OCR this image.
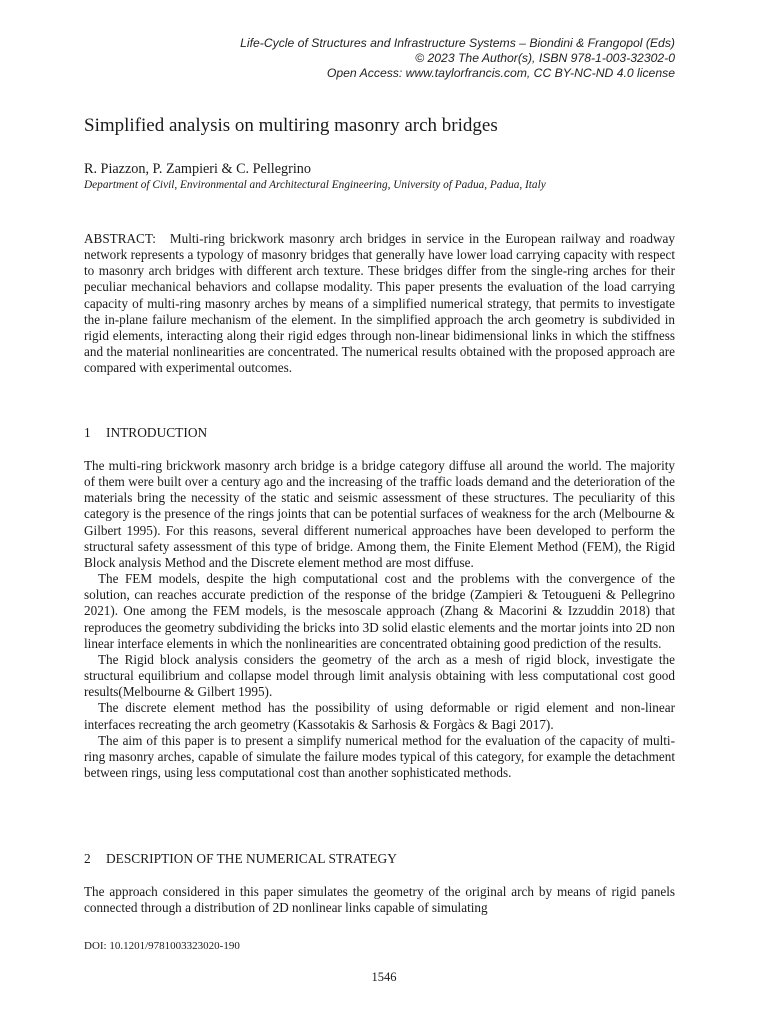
Life-Cycle of Structures and Infrastructure Systems – Biondini & Frangopol (Eds)
© 2023 The Author(s), ISBN 978-1-003-32302-0
Open Access: www.taylorfrancis.com, CC BY-NC-ND 4.0 license
Simplified analysis on multiring masonry arch bridges
R. Piazzon, P. Zampieri & C. Pellegrino
Department of Civil, Environmental and Architectural Engineering, University of Padua, Padua, Italy

ABSTRACT: Multi-ring brickwork masonry arch bridges in service in the European railway and roadway network represents a typology of masonry bridges that generally have lower load carrying capacity with respect to masonry arch bridges with different arch texture. These bridges differ from the single-ring arches for their peculiar mechanical behaviors and collapse modality. This paper presents the evaluation of the load carrying capacity of multi-ring masonry arches by means of a simplified numerical strategy, that permits to investigate the in-plane failure mechanism of the element. In the simplified approach the arch geometry is subdivided in rigid elements, interacting along their rigid edges through non-linear bidimensional links in which the stiffness and the material nonlinearities are concentrated. The numerical results obtained with the proposed approach are compared with experimental outcomes.

1 INTRODUCTION

The multi-ring brickwork masonry arch bridge is a bridge category diffuse all around the world. The majority of them were built over a century ago and the increasing of the traffic loads demand and the deterioration of the materials bring the necessity of the static and seismic assessment of these structures. The peculiarity of this category is the presence of the rings joints that can be potential surfaces of weakness for the arch (Melbourne & Gilbert 1995). For this reasons, several different numerical approaches have been developed to perform the structural safety assessment of this type of bridge. Among them, the Finite Element Method (FEM), the Rigid Block analysis Method and the Discrete element method are most diffuse.

The FEM models, despite the high computational cost and the problems with the convergence of the solution, can reaches accurate prediction of the response of the bridge (Zampieri & Tetougueni & Pellegrino 2021). One among the FEM models, is the mesoscale approach (Zhang & Macorini & Izzuddin 2018) that reproduces the geometry subdividing the bricks into 3D solid elastic elements and the mortar joints into 2D non linear interface elements in which the nonlinearities are concentrated obtaining good prediction of the results.

The Rigid block analysis considers the geometry of the arch as a mesh of rigid block, investigate the structural equilibrium and collapse model through limit analysis obtaining with less computational cost good results(Melbourne & Gilbert 1995).

The discrete element method has the possibility of using deformable or rigid element and non-linear interfaces recreating the arch geometry (Kassotakis & Sarhosis & Forgàcs & Bagi 2017).

The aim of this paper is to present a simplify numerical method for the evaluation of the capacity of multi-ring masonry arches, capable of simulate the failure modes typical of this category, for example the detachment between rings, using less computational cost than another sophisticated methods.

2 DESCRIPTION OF THE NUMERICAL STRATEGY

The approach considered in this paper simulates the geometry of the original arch by means of rigid panels connected through a distribution of 2D nonlinear links capable of simulating

DOI: 10.1201/9781003323020-190
1546
